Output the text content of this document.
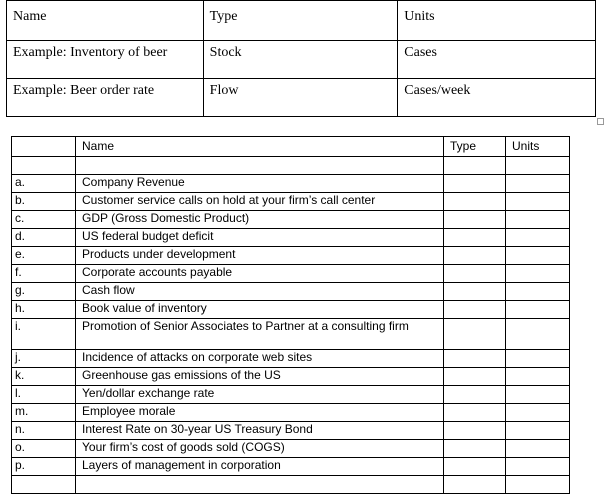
Name	Type	Units
Example: Inventory of beer	Stock	Cases
Example: Beer order rate	Flow	Cases/week
	Name	Type	Units

a.	Company Revenue		
b.	Customer service calls on hold at your firm’s call center		
c.	GDP (Gross Domestic Product)		
d.	US federal budget deficit		
e.	Products under development		
f.	Corporate accounts payable		
g.	Cash flow		
h.	Book value of inventory		
i.	Promotion of Senior Associates to Partner at a consulting firm		
j.	Incidence of attacks on corporate web sites		
k.	Greenhouse gas emissions of the US		
l.	Yen/dollar exchange rate		
m.	Employee morale		
n.	Interest Rate on 30-year US Treasury Bond		
o.	Your firm’s cost of goods sold (COGS)		
p.	Layers of management in corporation		
